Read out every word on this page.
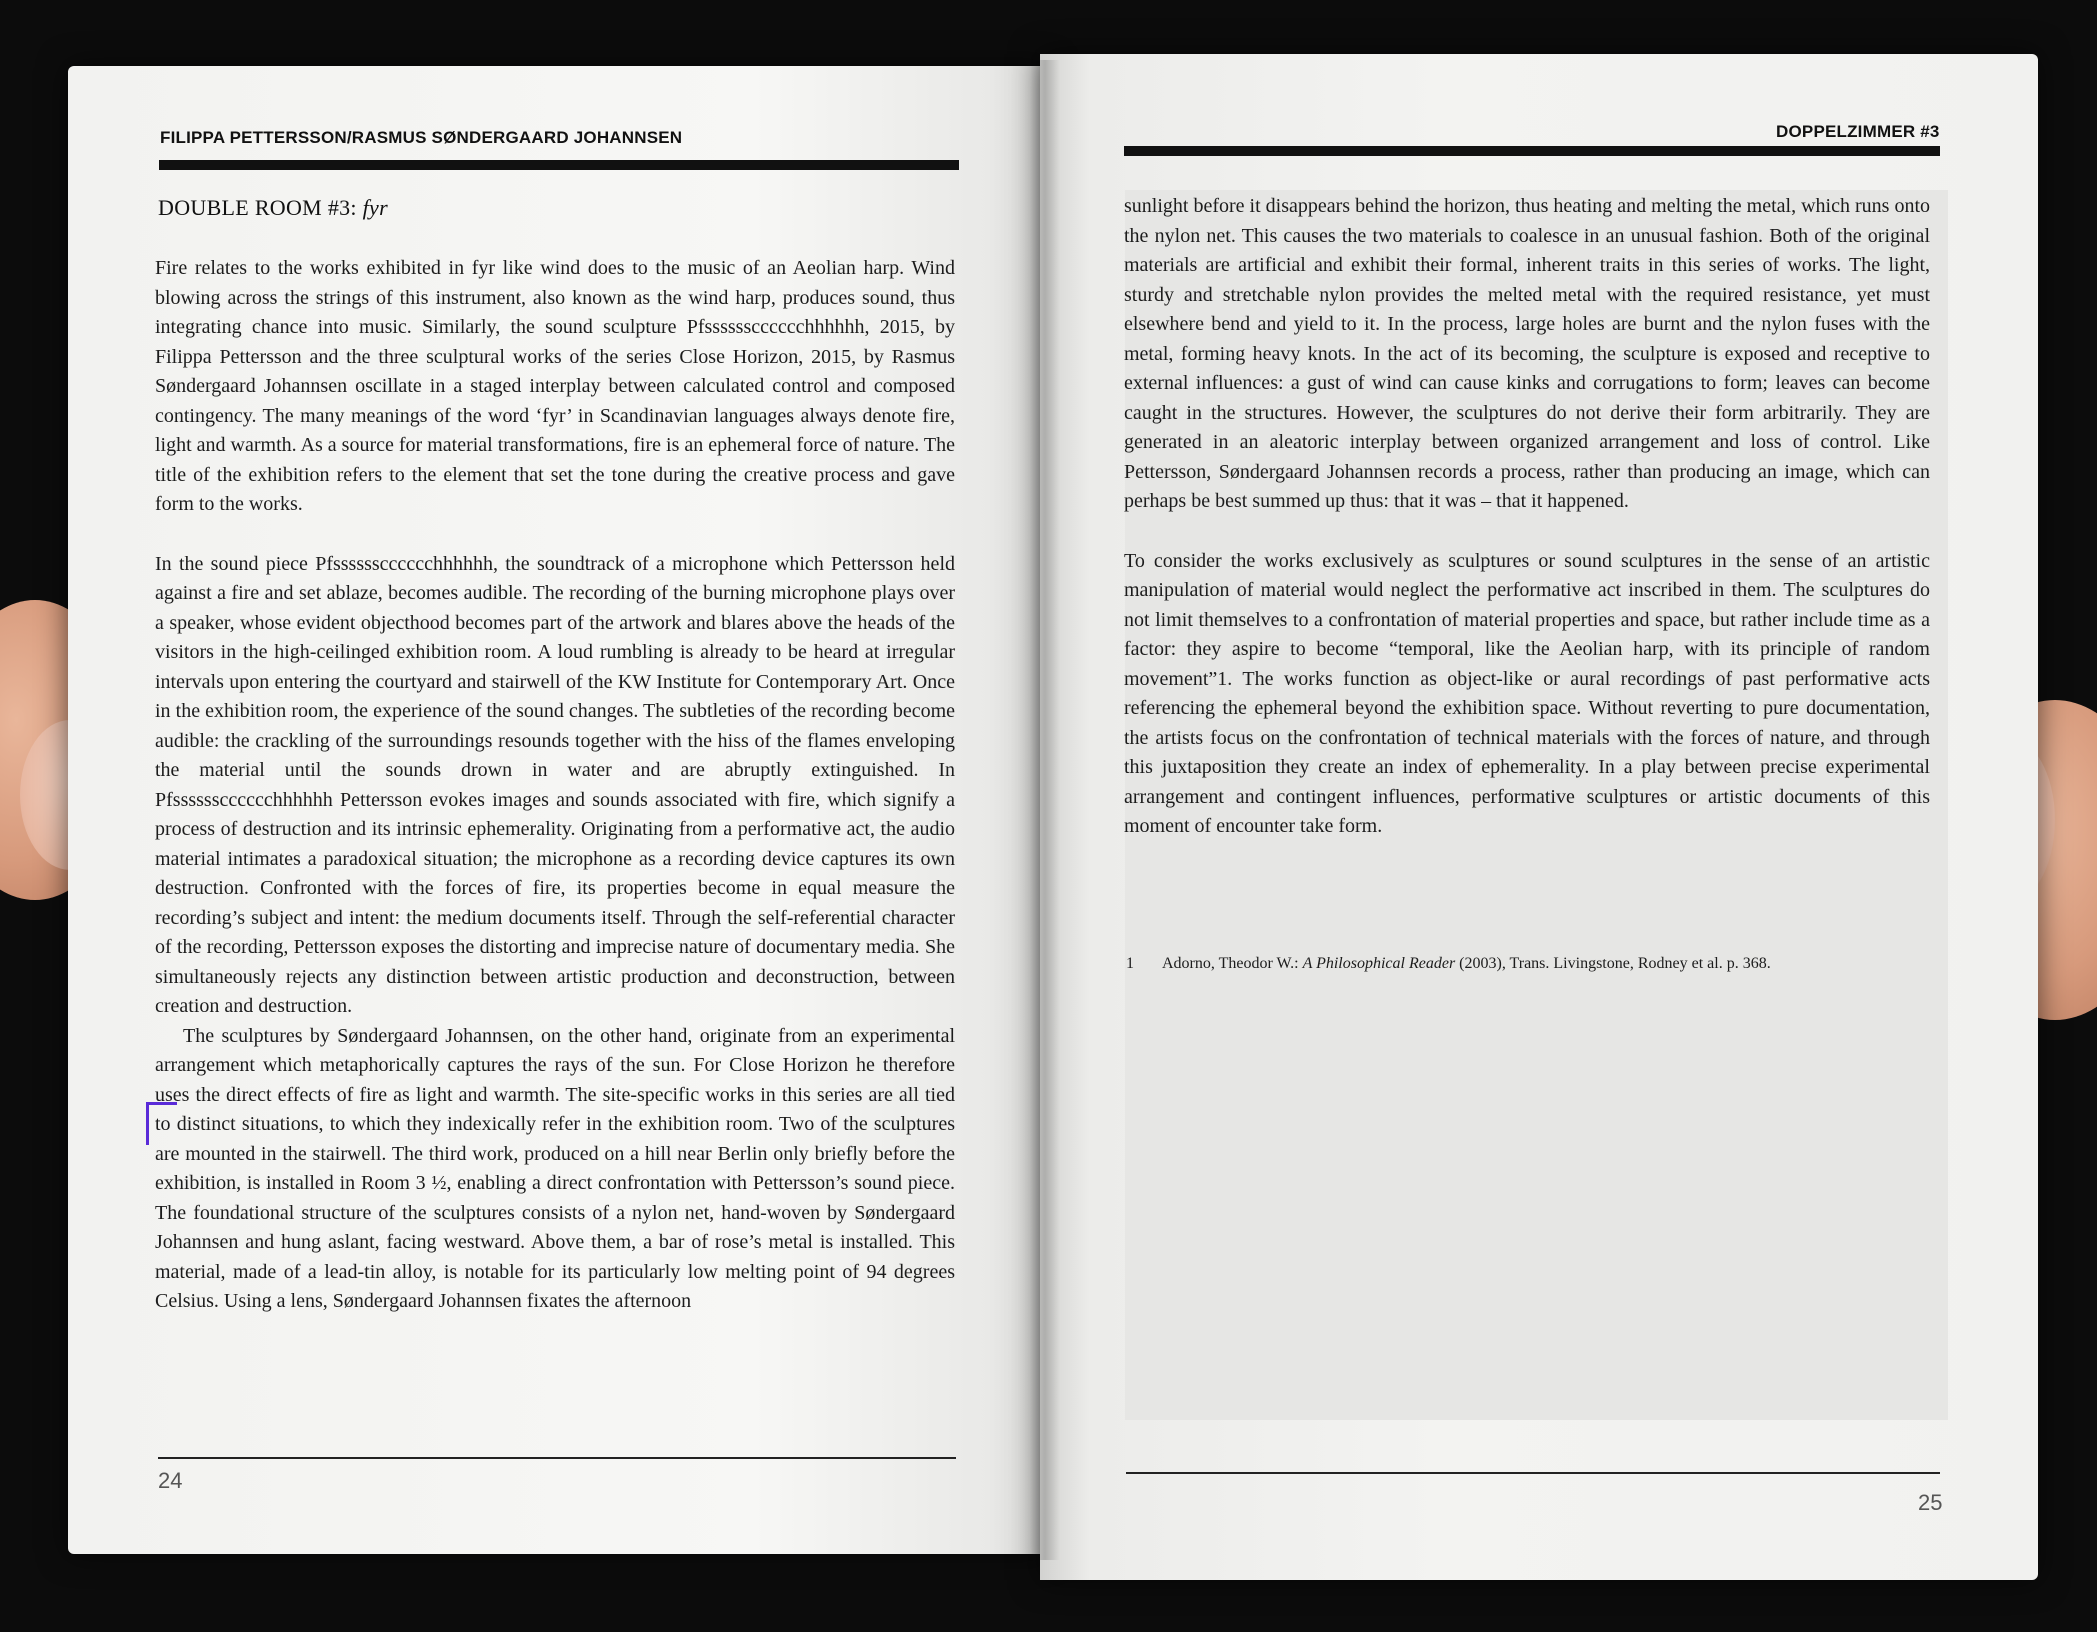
FILIPPA PETTERSSON/RASMUS SØNDERGAARD JOHANNSEN	DOPPELZIMMER #3
DOUBLE ROOM #3: fyr

Fire relates to the works exhibited in fyr like wind does to the music of an Aeolian harp. Wind blowing across the strings of this instrument, also known as the wind harp, produces sound, thus integrating chance into music. Similarly, the sound sculpture Pfsssssscccccchhhhhh, 2015, by Filippa Pettersson and the three sculptural works of the series Close Horizon, 2015, by Rasmus Søndergaard Johannsen oscillate in a staged interplay between calculated control and composed contingency. The many meanings of the word ‘fyr’ in Scandinavian languages always denote fire, light and warmth. As a source for material transformations, fire is an ephemeral force of nature. The title of the exhibition refers to the element that set the tone during the creative process and gave form to the works.

In the sound piece Pfsssssscccccchhhhhh, the soundtrack of a microphone which Pettersson held against a fire and set ablaze, becomes audible. The recording of the burning microphone plays over a speaker, whose evident objecthood becomes part of the artwork and blares above the heads of the visitors in the high-ceilinged exhibition room. A loud rumbling is already to be heard at irregular intervals upon entering the courtyard and stairwell of the KW Institute for Contemporary Art. Once in the exhibition room, the experience of the sound changes. The subtleties of the recording become audible: the crackling of the surroundings resounds together with the hiss of the flames enveloping the material until the sounds drown in water and are abruptly extinguished. In Pfsssssscccccchhhhhh Pettersson evokes images and sounds associated with fire, which signify a process of destruction and its intrinsic ephemerality. Originating from a performative act, the audio material intimates a paradoxical situation; the microphone as a recording device captures its own destruction. Confronted with the forces of fire, its properties become in equal measure the recording’s subject and intent: the medium documents itself. Through the self-referential character of the recording, Pettersson exposes the distorting and imprecise nature of documentary media. She simultaneously rejects any distinction between artistic production and deconstruction, between creation and destruction.

The sculptures by Søndergaard Johannsen, on the other hand, originate from an experimental arrangement which metaphorically captures the rays of the sun. For Close Horizon he therefore uses the direct effects of fire as light and warmth. The site-specific works in this series are all tied to distinct situations, to which they indexically refer in the exhibition room. Two of the sculptures are mounted in the stairwell. The third work, produced on a hill near Berlin only briefly before the exhibition, is installed in Room 3 ½, enabling a direct confrontation with Pettersson’s sound piece. The foundational structure of the sculptures consists of a nylon net, hand-woven by Søndergaard Johannsen and hung aslant, facing westward. Above them, a bar of rose’s metal is installed. This material, made of a lead-tin alloy, is notable for its particularly low melting point of 94 degrees Celsius. Using a lens, Søndergaard Johannsen fixates the afternoon

sunlight before it disappears behind the horizon, thus heating and melting the metal, which runs onto the nylon net. This causes the two materials to coalesce in an unusual fashion. Both of the original materials are artificial and exhibit their formal, inherent traits in this series of works. The light, sturdy and stretchable nylon provides the melted metal with the required resistance, yet must elsewhere bend and yield to it. In the process, large holes are burnt and the nylon fuses with the metal, forming heavy knots. In the act of its becoming, the sculpture is exposed and receptive to external influences: a gust of wind can cause kinks and corrugations to form; leaves can become caught in the structures. However, the sculptures do not derive their form arbitrarily. They are generated in an aleatoric interplay between organized arrangement and loss of control. Like Pettersson, Søndergaard Johannsen records a process, rather than producing an image, which can perhaps be best summed up thus: that it was – that it happened.

To consider the works exclusively as sculptures or sound sculptures in the sense of an artistic manipulation of material would neglect the performative act inscribed in them. The sculptures do not limit themselves to a confrontation of material properties and space, but rather include time as a factor: they aspire to become “temporal, like the Aeolian harp, with its principle of random movement”1. The works function as object-like or aural recordings of past performative acts referencing the ephemeral beyond the exhibition space. Without reverting to pure documentation, the artists focus on the confrontation of technical materials with the forces of nature, and through this juxtaposition they create an index of ephemerality. In a play between precise experimental arrangement and contingent influences, performative sculptures or artistic documents of this moment of encounter take form.

1 Adorno, Theodor W.: A Philosophical Reader (2003), Trans. Livingstone, Rodney et al. p. 368.
24
25
